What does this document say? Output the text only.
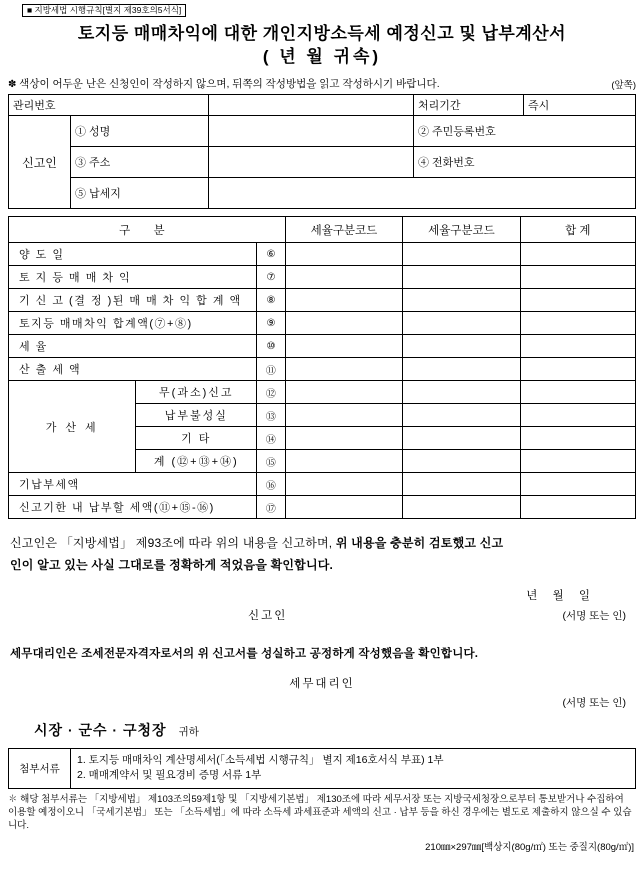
■ 지방세법 시행규칙[별지 제39호의5서식]
토지등 매매차익에 대한 개인지방소득세 예정신고 및 납부계산서
( 년 월 귀속)
✽ 색상이 어두운 난은 신청인이 작성하지 않으며, 뒤쪽의 작성방법을 읽고 작성하시기 바랍니다.	(앞쪽)
관리번호			처리기간	즉시
신고인	① 성명		② 주민등록번호	
	③ 주소		④ 전화번호	
	⑤ 납세지			
구 분			세율구분코드	세율구분코드	합 계
양 도 일		⑥			
토 지 등 매 매 차 익		⑦			
기 신 고 (결 정 )된 매 매 차 익 합 계 액		⑧			
토지등 매매차익 합계액(⑦+⑧)		⑨			
세 율		⑩			
산 출 세 액		⑪			
가 산 세	무(과소)신고	⑫			
	납부불성실	⑬			
	기 타	⑭			
	계 (⑫+⑬+⑭)	⑮			
기납부세액		⑯			
신고기한 내 납부할 세액(⑪+⑮-⑯)		⑰			
신고인은 「지방세법」 제93조에 따라 위의 내용을 신고하며, 위 내용을 충분히 검토했고 신고
인이 알고 있는 사실 그대로를 정확하게 적었음을 확인합니다.
년 월 일
신고인	(서명 또는 인)
세무대리인은 조세전문자격자로서의 위 신고서를 성실하고 공정하게 작성했음을 확인합니다.
세무대리인
(서명 또는 인)
시장 · 군수 · 구청장 귀하
첨부서류	
1. 토지등 매매차익 계산명세서(「소득세법 시행규칙」 별지 제16호서식 부표) 1부
2. 매매계약서 및 필요경비 증명 서류 1부
✽ 해당 첨부서류는 「지방세법」 제103조의59제1항 및 「지방세기본법」 제130조에 따라 세무서장 또는 지방국세청장으로부터 통보받거나 수집하여 이용할 예정이오니 「국세기본법」 또는 「소득세법」에 따라 소득세 과세표준과 세액의 신고 · 납부 등을 하신 경우에는 별도로 제출하지 않으실 수 있습니다.
210㎜×297㎜[백상지(80g/㎡) 또는 중질지(80g/㎡)]
